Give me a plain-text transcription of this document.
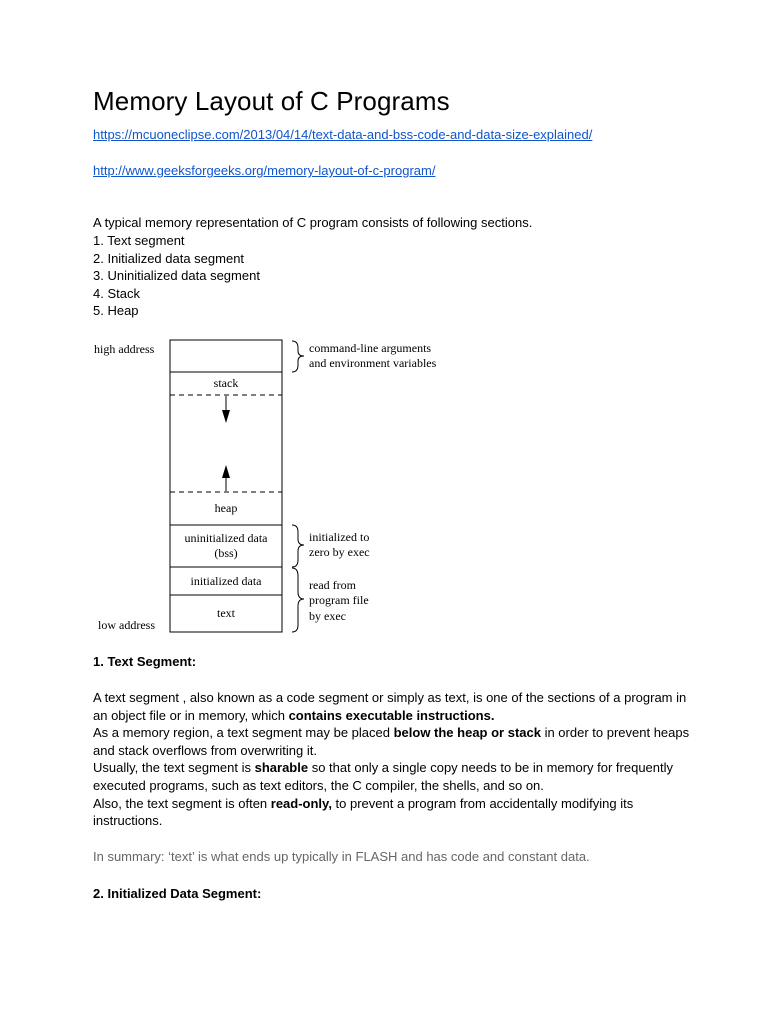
Memory Layout of C Programs
https://mcuoneclipse.com/2013/04/14/text-data-and-bss-code-and-data-size-explained/
http://www.geeksforgeeks.org/memory-layout-of-c-program/

A typical memory representation of C program consists of following sections.

1. Text segment
2. Initialized data segment
3. Uninitialized data segment
4. Stack
5. Heap
stack
heap
uninitialized data
(bss)
initialized data
text
high address
low address
command-line arguments
and environment variables
initialized to
zero by exec
read from
program file
by exec
1. Text Segment:

A text segment , also known as a code segment or simply as text, is one of the sections of a program in an object file or in memory, which contains executable instructions.
As a memory region, a text segment may be placed below the heap or stack in order to prevent heaps and stack overflows from overwriting it.
Usually, the text segment is sharable so that only a single copy needs to be in memory for frequently executed programs, such as text editors, the C compiler, the shells, and so on.
Also, the text segment is often read-only, to prevent a program from accidentally modifying its instructions.

In summary: ‘text’ is what ends up typically in FLASH and has code and constant data.

2. Initialized Data Segment:
